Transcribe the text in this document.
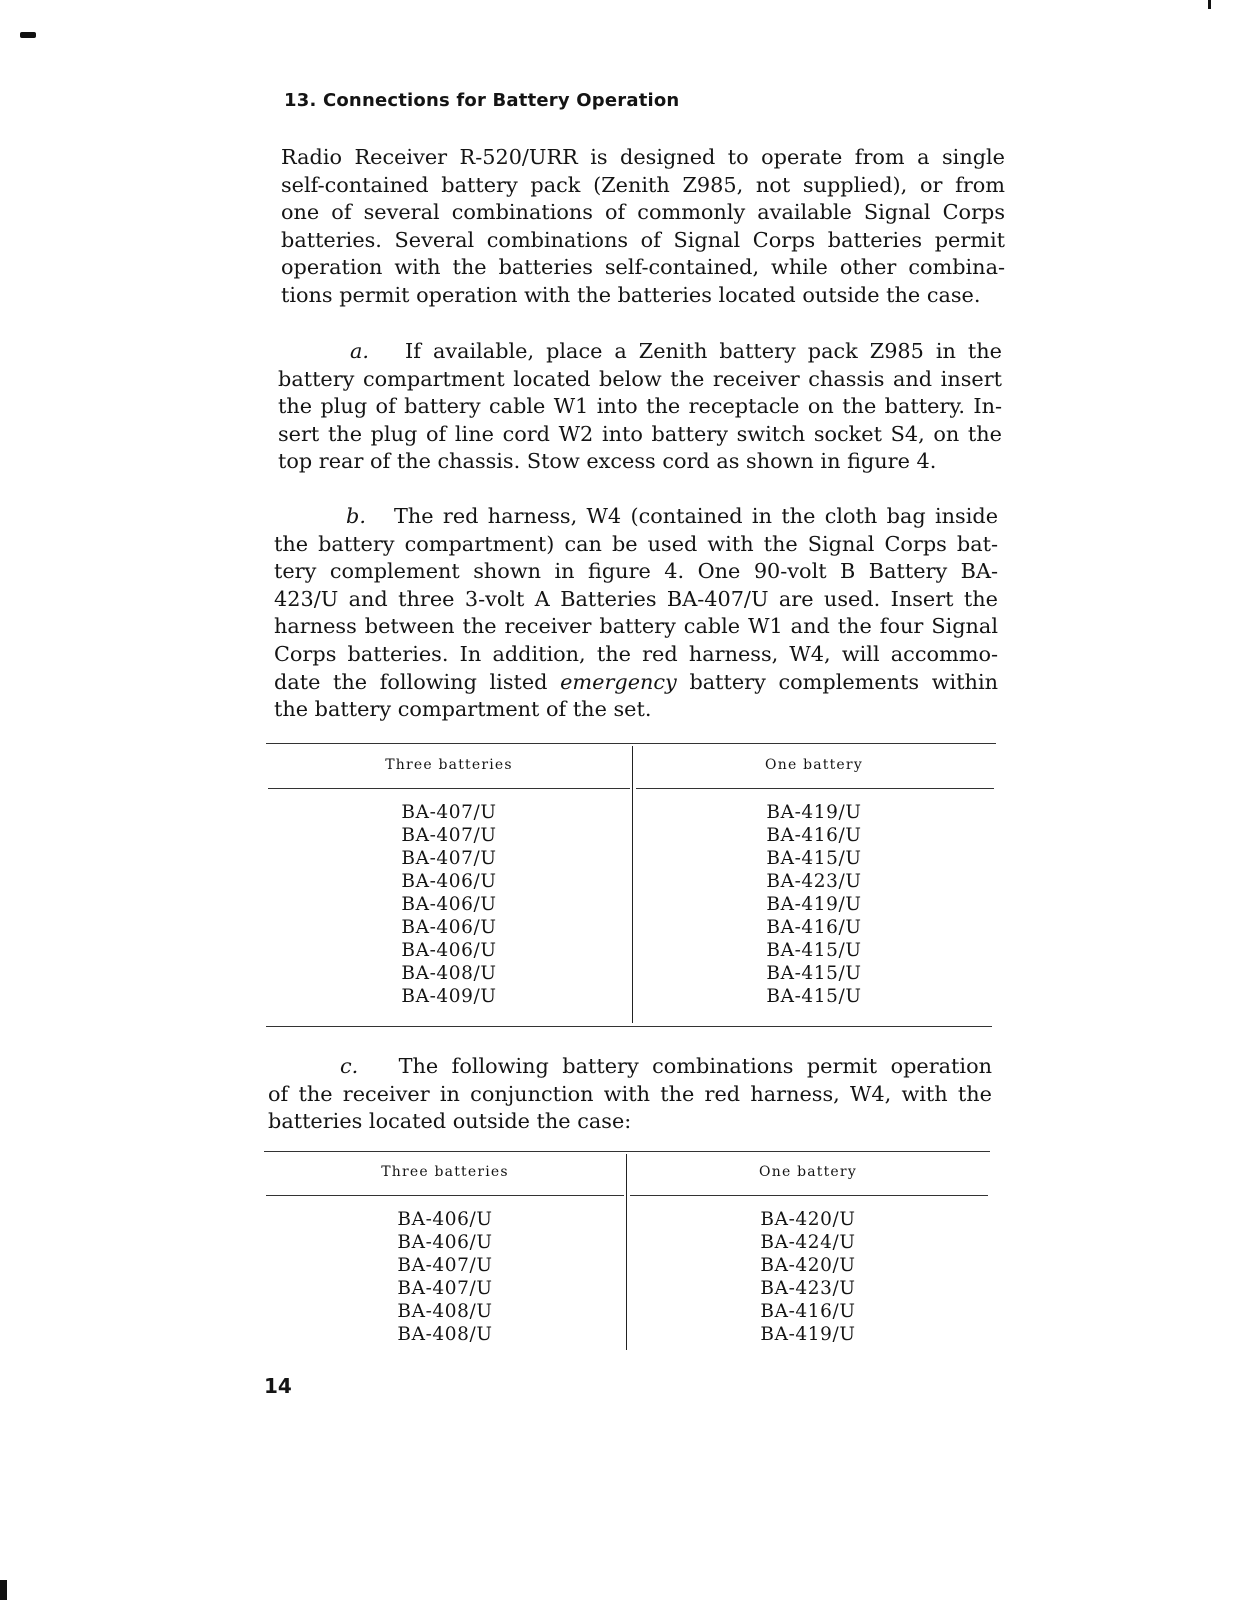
13. Connections for Battery Operation
Radio Receiver R-520/URR is designed to operate from a single
self-contained battery pack (Zenith Z985, not supplied), or from
one of several combinations of commonly available Signal Corps
batteries. Several combinations of Signal Corps batteries permit
operation with the batteries self-contained, while other combina-

tions permit operation with the batteries located outside the case.
a. If available, place a Zenith battery pack Z985 in the
battery compartment located below the receiver chassis and insert
the plug of battery cable W1 into the receptacle on the battery. In-
sert the plug of line cord W2 into battery switch socket S4, on the

top rear of the chassis. Stow excess cord as shown in figure 4.
b. The red harness, W4 (contained in the cloth bag inside
the battery compartment) can be used with the Signal Corps bat-
tery complement shown in figure 4. One 90-volt B Battery BA-
423/U and three 3-volt A Batteries BA-407/U are used. Insert the
harness between the receiver battery cable W1 and the four Signal
Corps batteries. In addition, the red harness, W4, will accommo-
date the following listed emergency battery complements within

the battery compartment of the set.
Three batteries	One battery
BA-407/U
BA-407/U
BA-407/U
BA-406/U
BA-406/U
BA-406/U
BA-406/U
BA-408/U
BA-409/U
BA-419/U
BA-416/U
BA-415/U
BA-423/U
BA-419/U
BA-416/U
BA-415/U
BA-415/U
BA-415/U
c. The following battery combinations permit operation
of the receiver in conjunction with the red harness, W4, with the

batteries located outside the case:
Three batteries	One battery
BA-406/U
BA-406/U
BA-407/U
BA-407/U
BA-408/U
BA-408/U
BA-420/U
BA-424/U
BA-420/U
BA-423/U
BA-416/U
BA-419/U
14
